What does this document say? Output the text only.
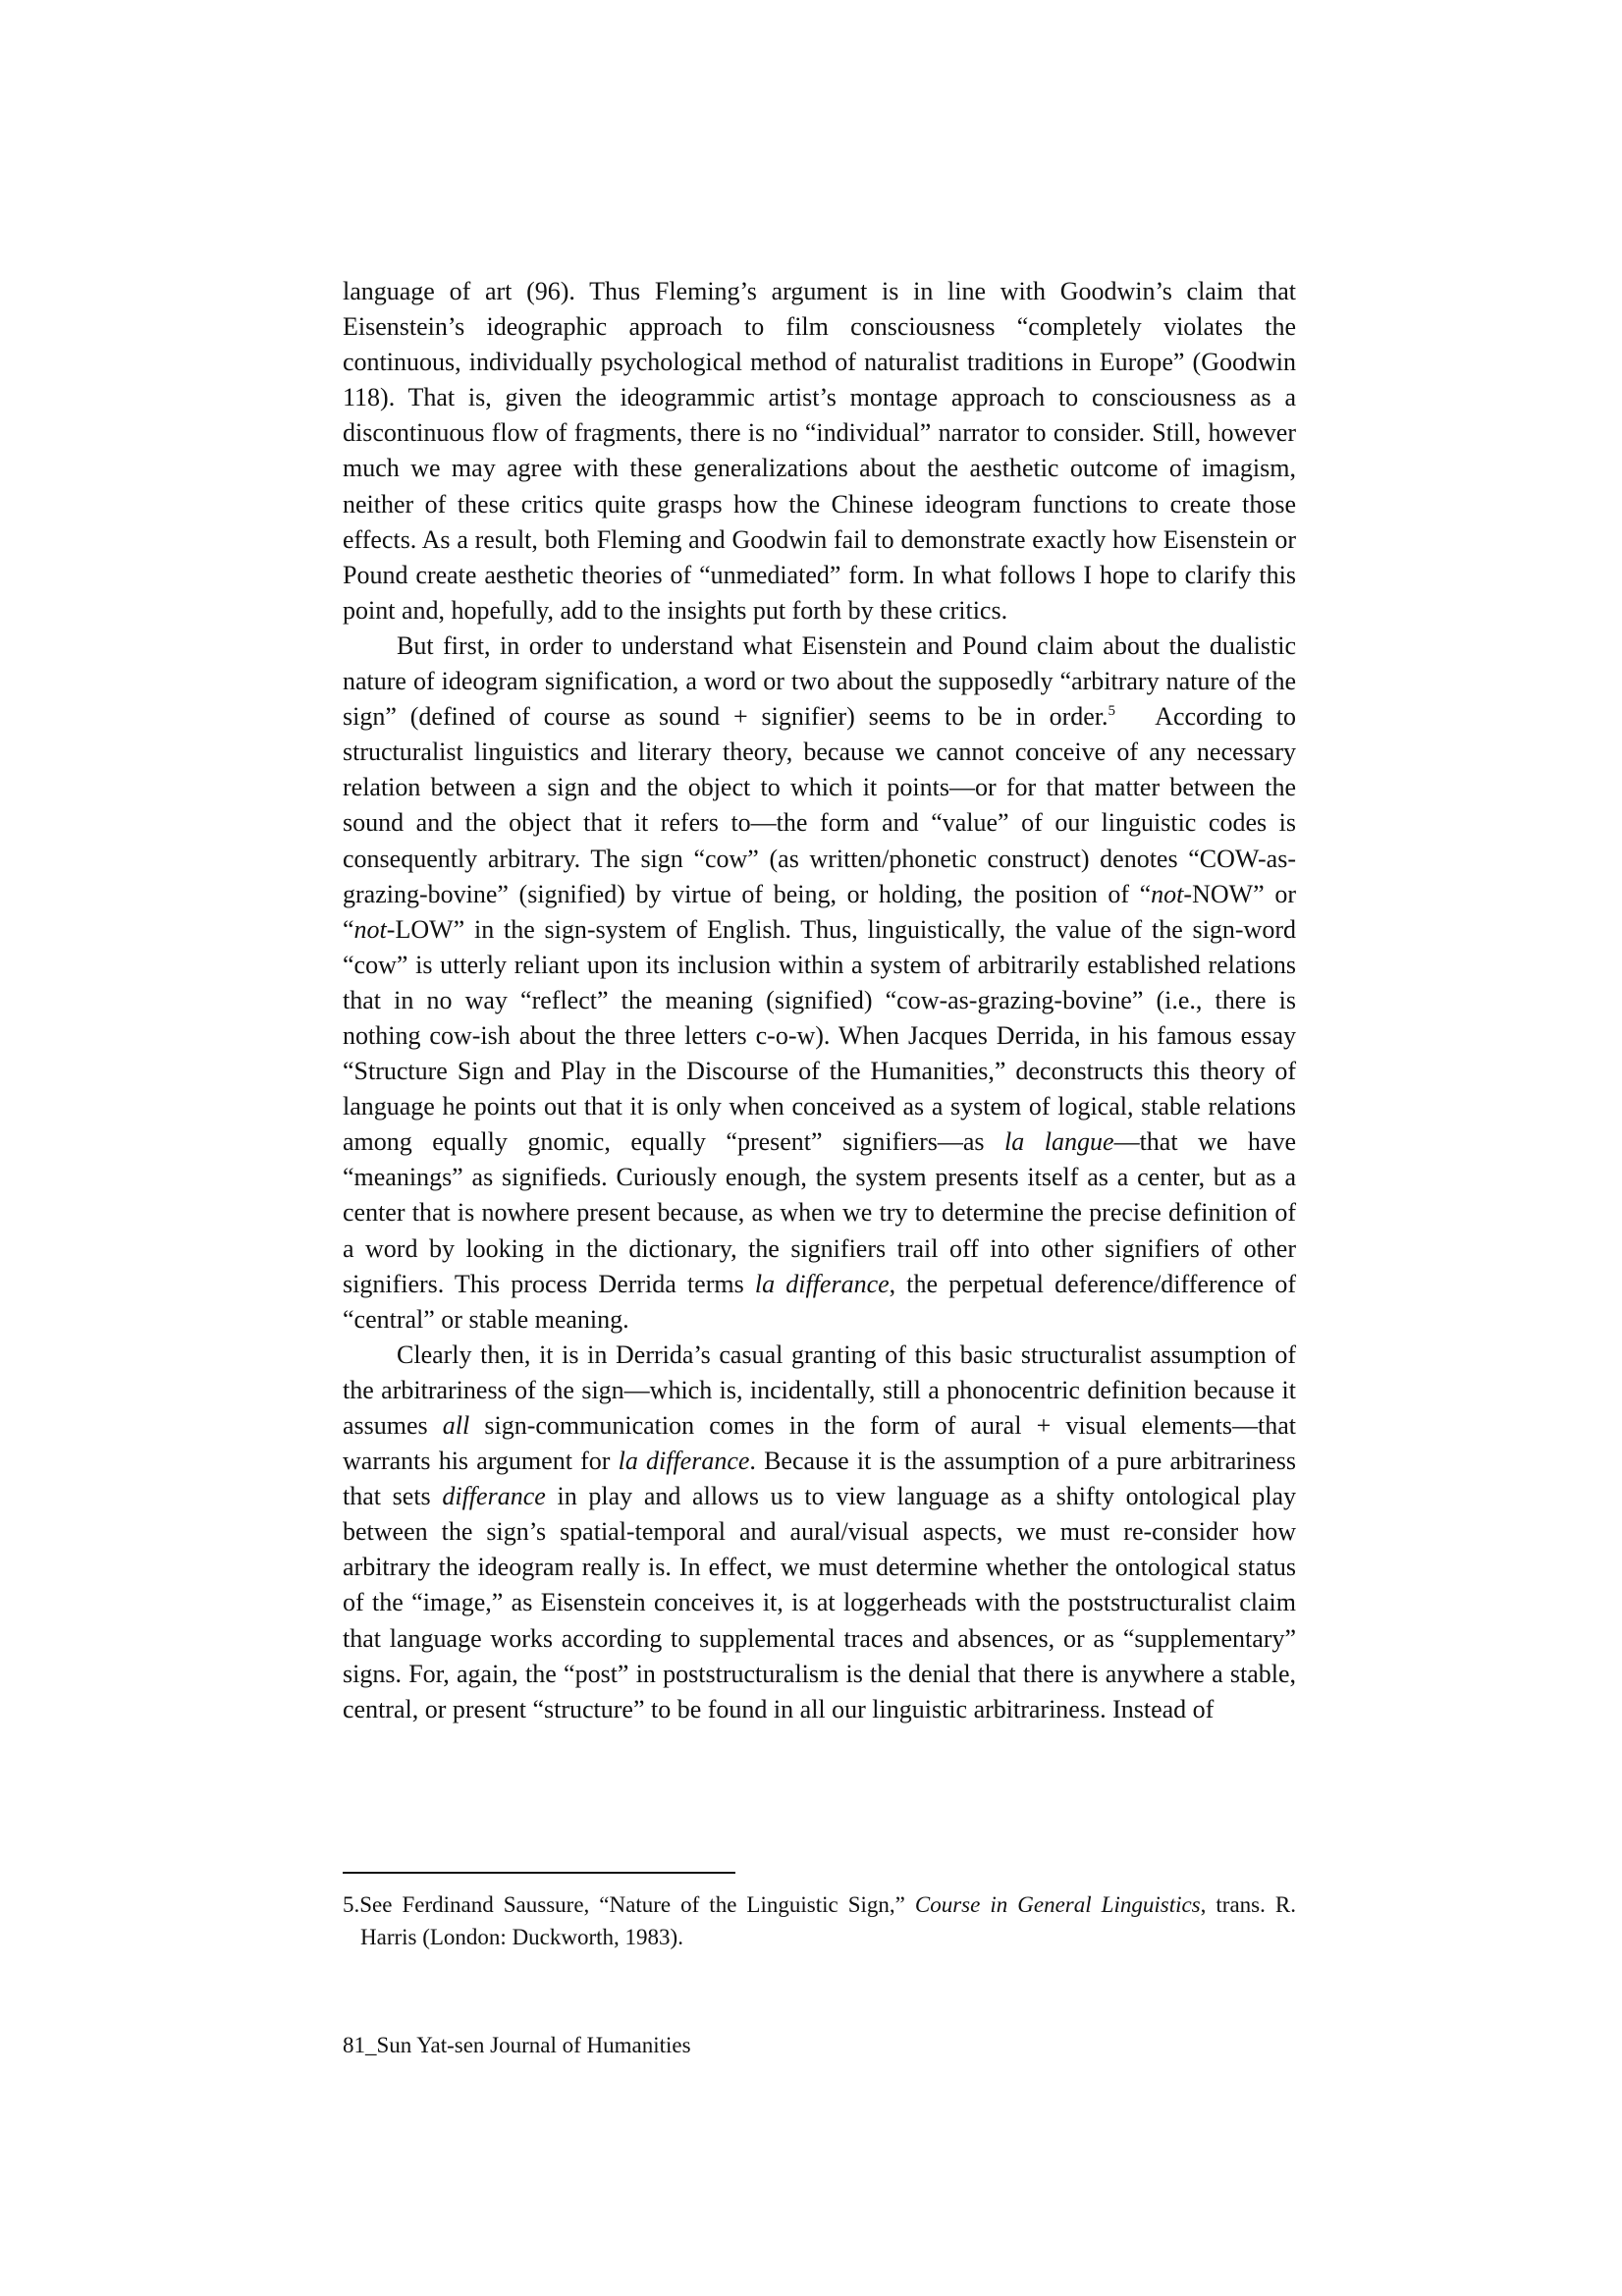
language of art (96). Thus Fleming’s argument is in line with Goodwin’s claim that Eisenstein’s ideographic approach to film consciousness “completely violates the continuous, individually psychological method of naturalist traditions in Europe” (Goodwin 118). That is, given the ideogrammic artist’s montage approach to consciousness as a discontinuous flow of fragments, there is no “individual” narrator to consider. Still, however much we may agree with these generalizations about the aesthetic outcome of imagism, neither of these critics quite grasps how the Chinese ideogram functions to create those effects. As a result, both Fleming and Goodwin fail to demonstrate exactly how Eisenstein or Pound create aesthetic theories of “unmediated” form. In what follows I hope to clarify this point and, hopefully, add to the insights put forth by these critics.

But first, in order to understand what Eisenstein and Pound claim about the dualistic nature of ideogram signification, a word or two about the supposedly “arbitrary nature of the sign” (defined of course as sound + signifier) seems to be in order.$^5$   According to structuralist linguistics and literary theory, because we cannot conceive of any necessary relation between a sign and the object to which it points—or for that matter between the sound and the object that it refers to—the form and “value” of our linguistic codes is consequently arbitrary. The sign “cow” (as written/phonetic construct) denotes “COW-as-grazing-bovine” (signified) by virtue of being, or holding, the position of “not-NOW” or “not-LOW” in the sign-system of English. Thus, linguistically, the value of the sign-word “cow” is utterly reliant upon its inclusion within a system of arbitrarily established relations that in no way “reflect” the meaning (signified) “cow-as-grazing-bovine” (i.e., there is nothing cow-ish about the three letters c-o-w). When Jacques Derrida, in his famous essay “Structure Sign and Play in the Discourse of the Humanities,” deconstructs this theory of language he points out that it is only when conceived as a system of logical, stable relations among equally gnomic, equally “present” signifiers—as la langue—that we have “meanings” as signifieds. Curiously enough, the system presents itself as a center, but as a center that is nowhere present because, as when we try to determine the precise definition of a word by looking in the dictionary, the signifiers trail off into other signifiers of other signifiers. This process Derrida terms la differance, the perpetual deference/difference of “central” or stable meaning.

Clearly then, it is in Derrida’s casual granting of this basic structuralist assumption of the arbitrariness of the sign—which is, incidentally, still a phonocentric definition because it assumes all sign-communication comes in the form of aural + visual elements—that warrants his argument for la differance. Because it is the assumption of a pure arbitrariness that sets differance in play and allows us to view language as a shifty ontological play between the sign’s spatial-temporal and aural/visual aspects, we must re-consider how arbitrary the ideogram really is. In effect, we must determine whether the ontological status of the “image,” as Eisenstein conceives it, is at loggerheads with the poststructuralist claim that language works according to supplemental traces and absences, or as “supplementary” signs. For, again, the “post” in poststructuralism is the denial that there is anywhere a stable, central, or present “structure” to be found in all our linguistic arbitrariness. Instead of

5.See Ferdinand Saussure, “Nature of the Linguistic Sign,” Course in General Linguistics, trans. R. Harris (London: Duckworth, 1983).

81_Sun Yat-sen Journal of Humanities
